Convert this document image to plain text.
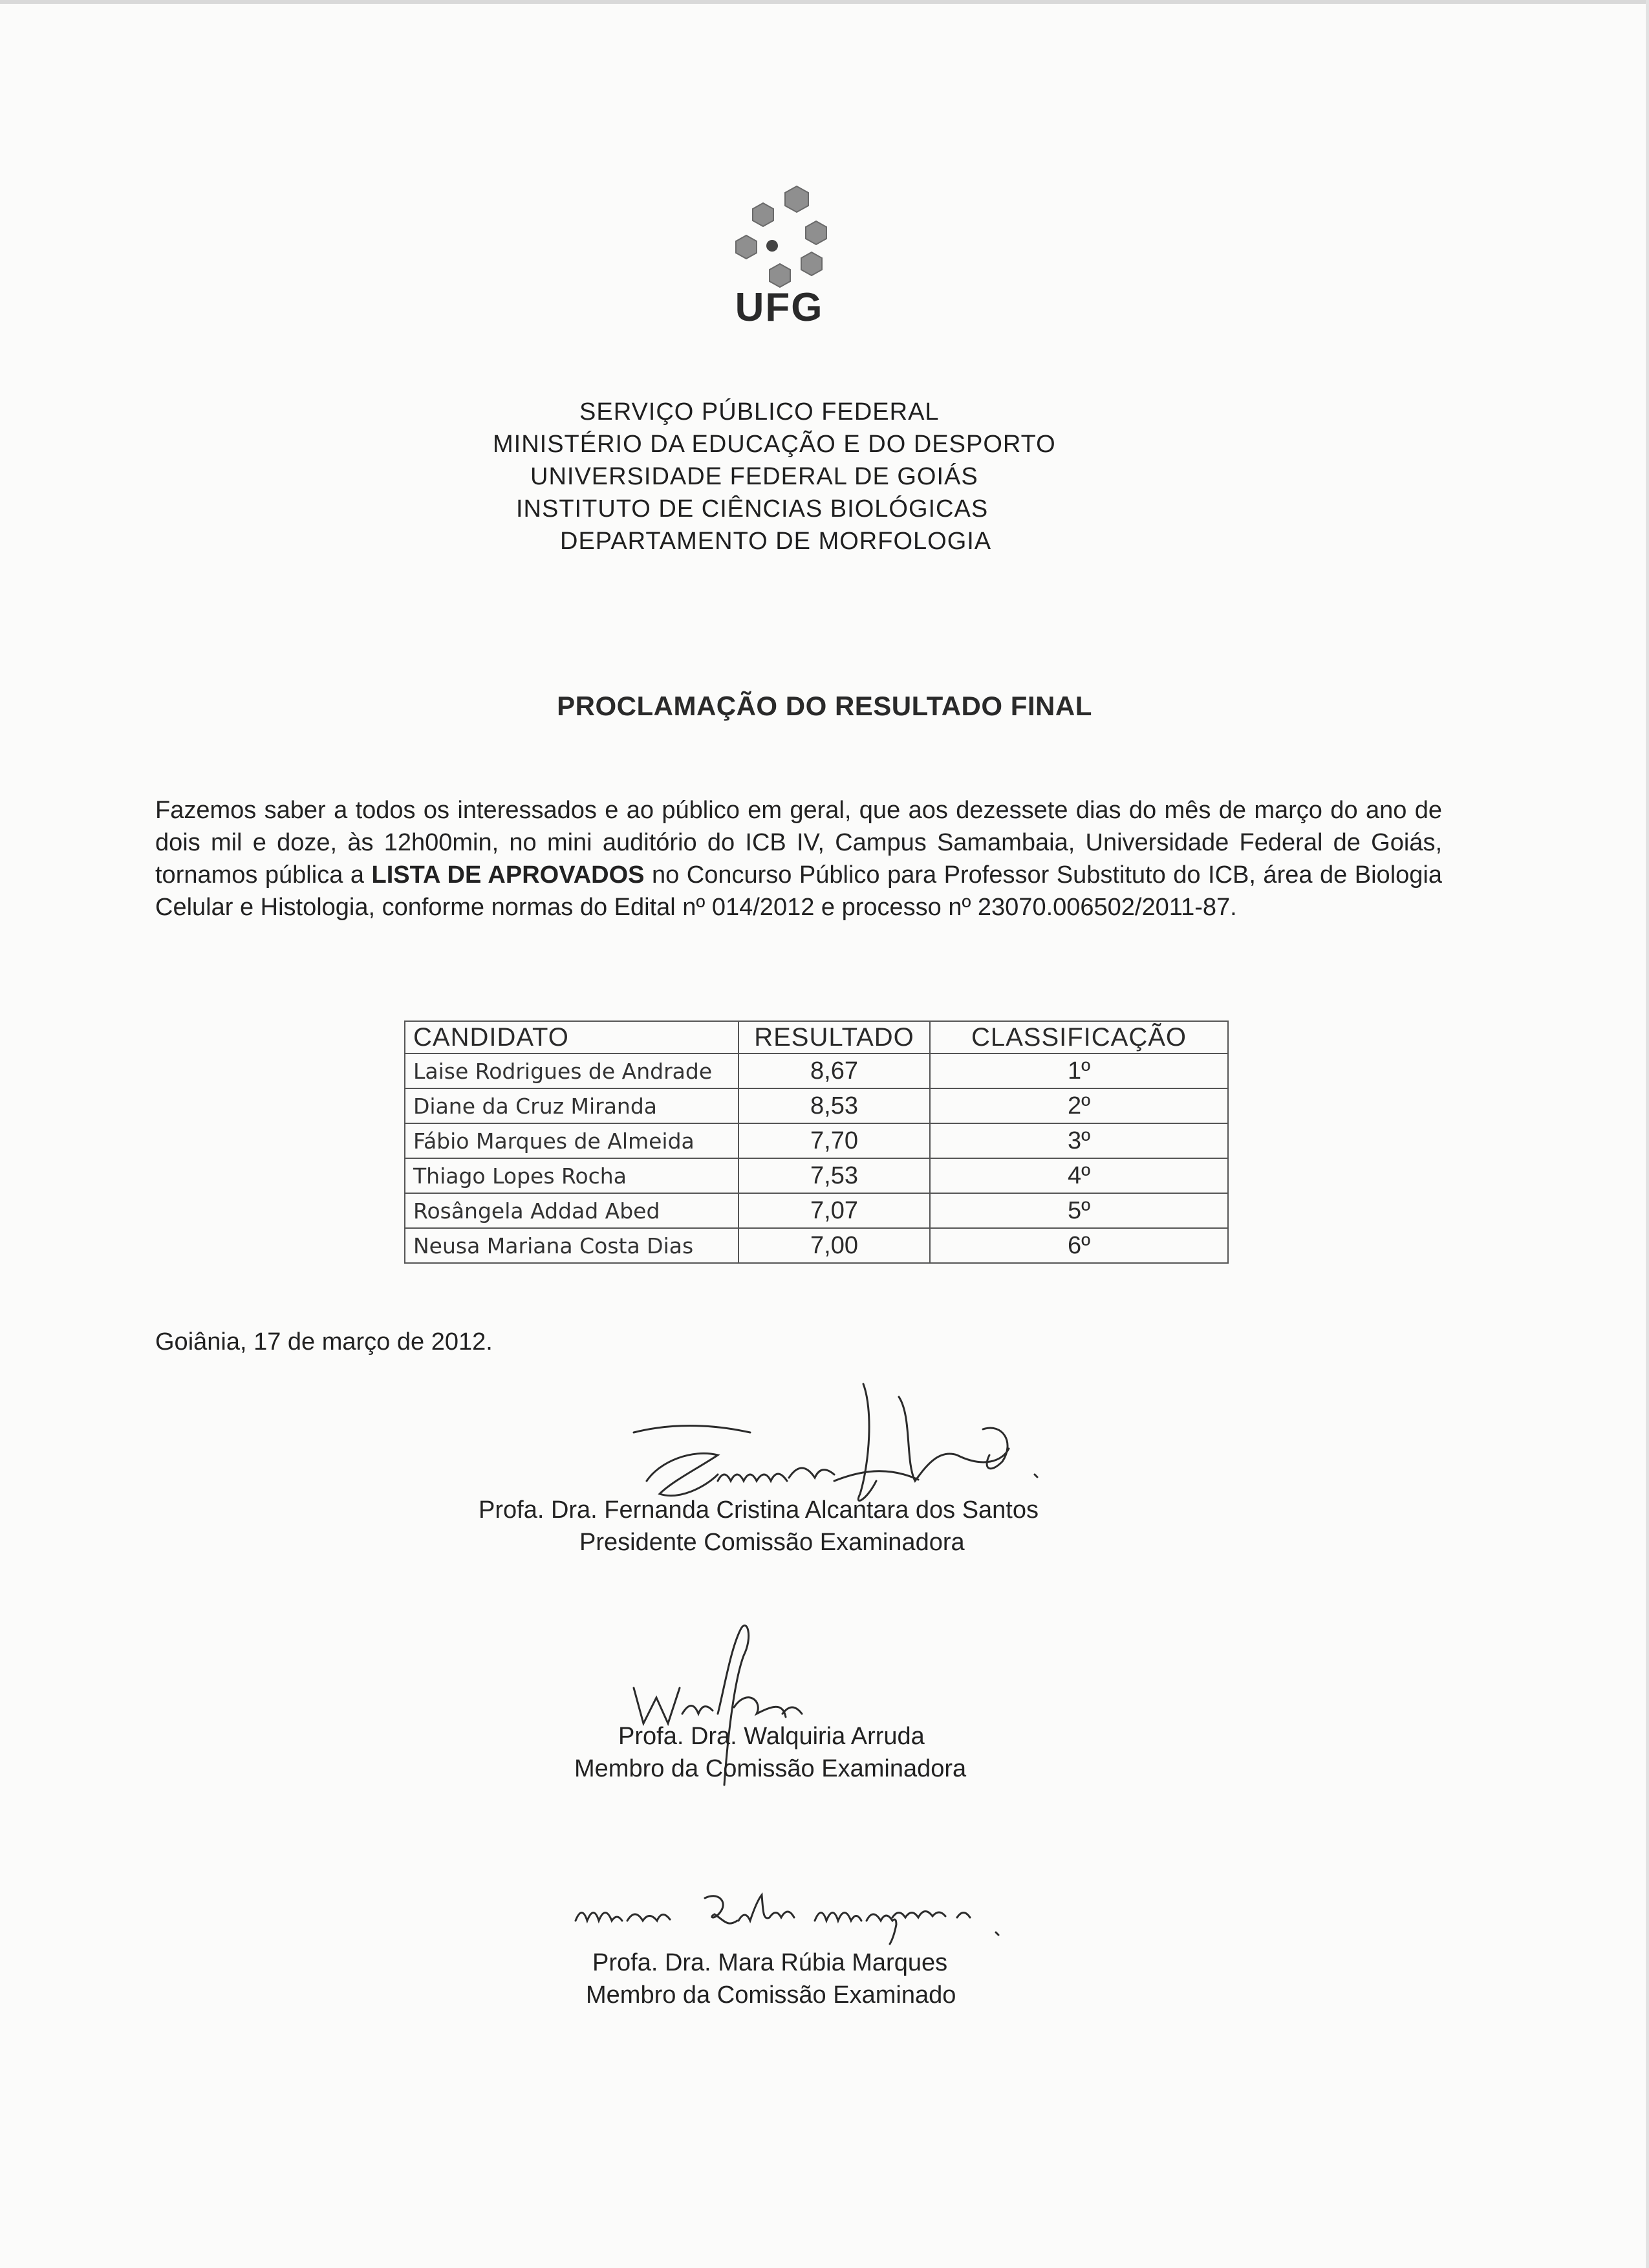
UFG
SERVIÇO PÚBLICO FEDERAL
MINISTÉRIO DA EDUCAÇÃO E DO DESPORTO
UNIVERSIDADE FEDERAL DE GOIÁS
INSTITUTO DE CIÊNCIAS BIOLÓGICAS
DEPARTAMENTO DE MORFOLOGIA
PROCLAMAÇÃO DO RESULTADO FINAL
Fazemos saber a todos os interessados e ao público em geral, que aos dezessete dias do mês de março do ano de dois mil e doze, às 12h00min, no mini auditório do ICB IV, Campus Samambaia, Universidade Federal de Goiás, tornamos pública a LISTA DE APROVADOS no Concurso Público para Professor Substituto do ICB, área de Biologia Celular e Histologia, conforme normas do Edital nº 014/2012 e processo nº 23070.006502/2011-87.
CANDIDATO	RESULTADO	CLASSIFICAÇÃO
Laise Rodrigues de Andrade	8,67	1º
Diane da Cruz Miranda	8,53	2º
Fábio Marques de Almeida	7,70	3º
Thiago Lopes Rocha	7,53	4º
Rosângela Addad Abed	7,07	5º
Neusa Mariana Costa Dias	7,00	6º
Goiânia, 17 de março de 2012.
Profa. Dra. Fernanda Cristina Alcantara dos Santos
Presidente Comissão Examinadora
Profa. Dra. Walquiria Arruda
Membro da Comissão Examinadora
Profa. Dra. Mara Rúbia Marques
Membro da Comissão Examinado
